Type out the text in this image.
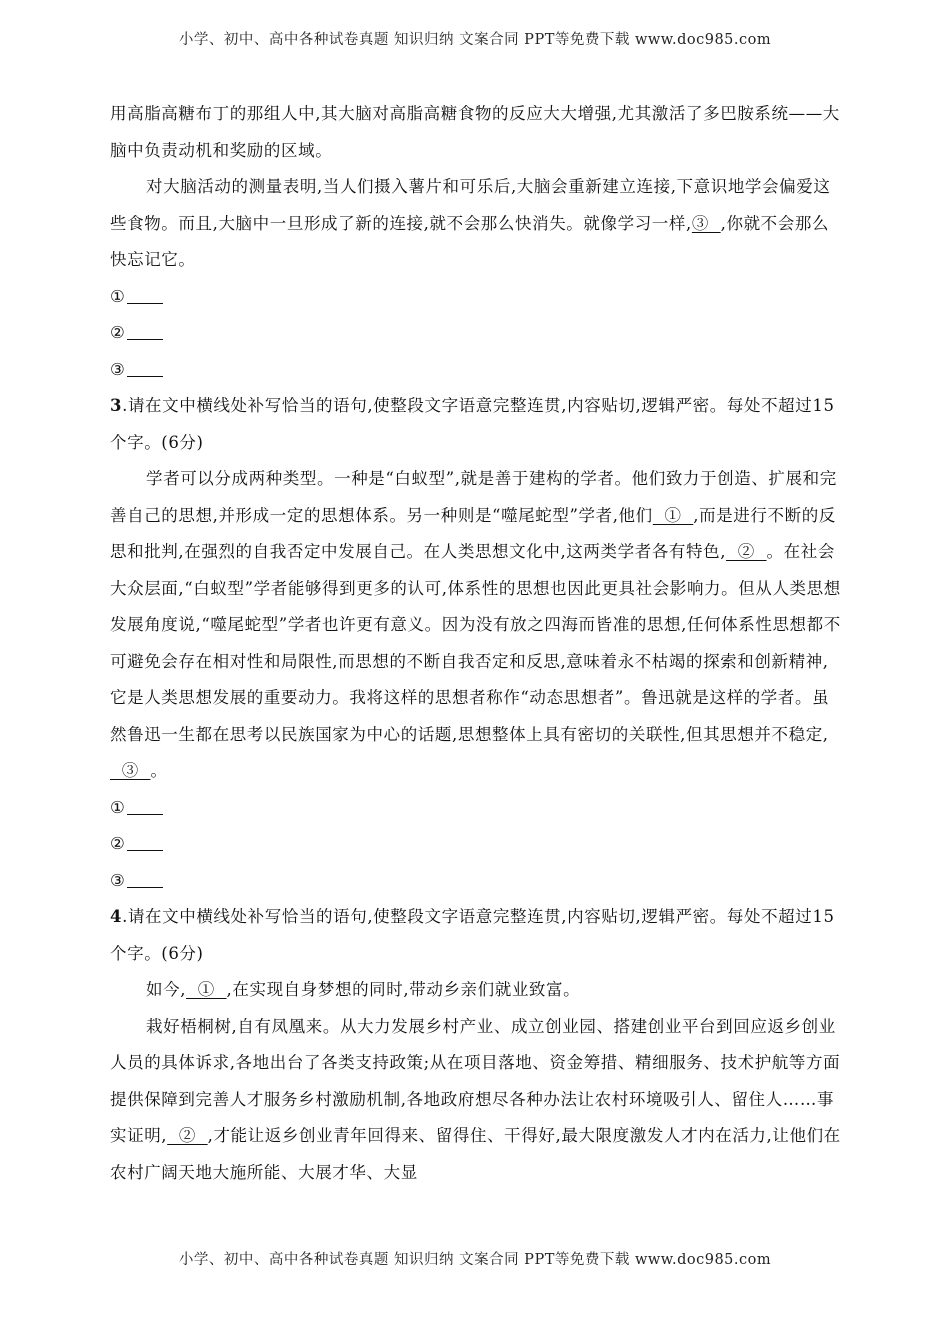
小学、初中、高中各种试卷真题 知识归纳 文案合同 PPT等免费下载 www.doc985.com

用高脂高糖布丁的那组人中,其大脑对高脂高糖食物的反应大大增强,尤其激活了多巴胺系统——大脑中负责动机和奖励的区域。

对大脑活动的测量表明,当人们摄入薯片和可乐后,大脑会重新建立连接,下意识地学会偏爱这些食物。而且,大脑中一旦形成了新的连接,就不会那么快消失。就像学习一样,③  ,你就不会那么快忘记它。

①

②

③

3.请在文中横线处补写恰当的语句,使整段文字语意完整连贯,内容贴切,逻辑严密。每处不超过15个字。(6分)

学者可以分成两种类型。一种是“白蚁型”,就是善于建构的学者。他们致力于创造、扩展和完善自己的思想,并形成一定的思想体系。另一种则是“噬尾蛇型”学者,他们  ①  ,而是进行不断的反思和批判,在强烈的自我否定中发展自己。在人类思想文化中,这两类学者各有特色,  ②  。在社会大众层面,“白蚁型”学者能够得到更多的认可,体系性的思想也因此更具社会影响力。但从人类思想发展角度说,“噬尾蛇型”学者也许更有意义。因为没有放之四海而皆准的思想,任何体系性思想都不可避免会存在相对性和局限性,而思想的不断自我否定和反思,意味着永不枯竭的探索和创新精神,它是人类思想发展的重要动力。我将这样的思想者称作“动态思想者”。鲁迅就是这样的学者。虽然鲁迅一生都在思考以民族国家为中心的话题,思想整体上具有密切的关联性,但其思想并不稳定,  ③  。

①

②

③

4.请在文中横线处补写恰当的语句,使整段文字语意完整连贯,内容贴切,逻辑严密。每处不超过15个字。(6分)

如今,  ①  ,在实现自身梦想的同时,带动乡亲们就业致富。

栽好梧桐树,自有凤凰来。从大力发展乡村产业、成立创业园、搭建创业平台到回应返乡创业人员的具体诉求,各地出台了各类支持政策;从在项目落地、资金筹措、精细服务、技术护航等方面提供保障到完善人才服务乡村激励机制,各地政府想尽各种办法让农村环境吸引人、留住人……事实证明,  ②  ,才能让返乡创业青年回得来、留得住、干得好,最大限度激发人才内在活力,让他们在农村广阔天地大施所能、大展才华、大显

小学、初中、高中各种试卷真题 知识归纳 文案合同 PPT等免费下载 www.doc985.com
